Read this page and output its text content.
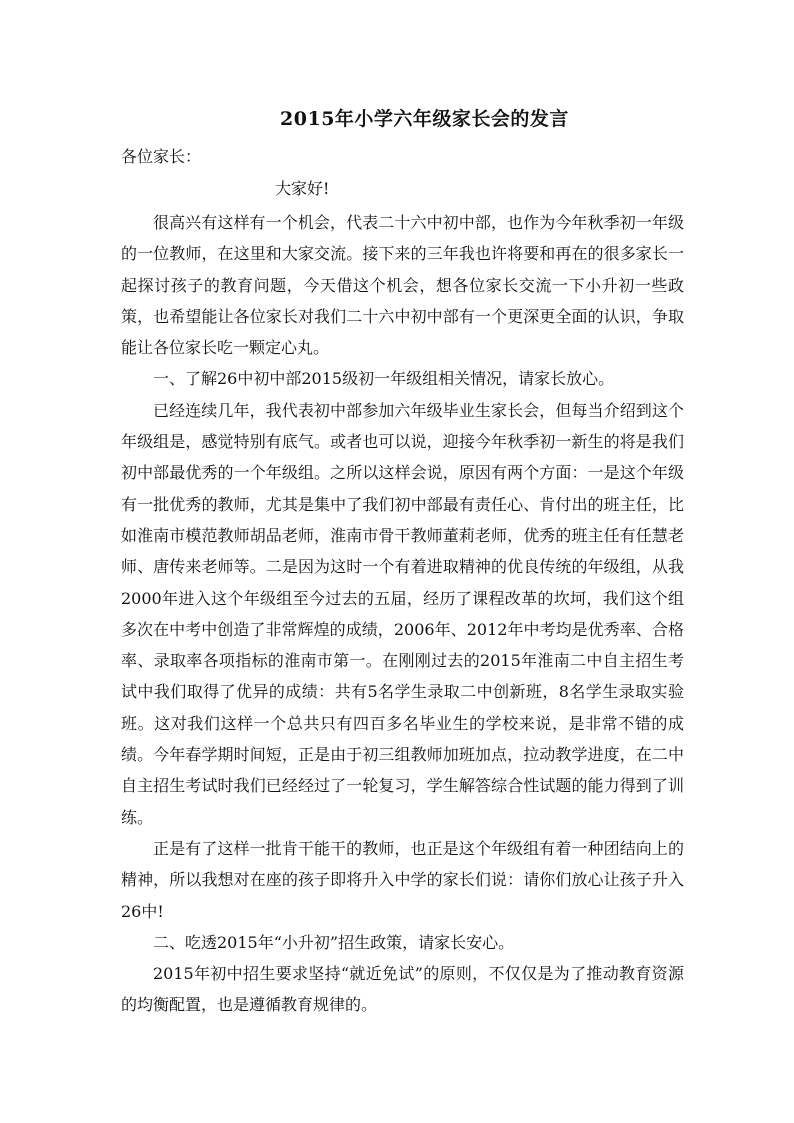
2015年小学六年级家长会的发言
各位家长：
大家好!

很高兴有这样有一个机会，代表二十六中初中部，也作为今年秋季初一年级的一位教师，在这里和大家交流。接下来的三年我也许将要和再在的很多家长一起探讨孩子的教育问题，今天借这个机会，想各位家长交流一下小升初一些政策，也希望能让各位家长对我们二十六中初中部有一个更深更全面的认识，争取能让各位家长吃一颗定心丸。

一、了解26中初中部2015级初一年级组相关情况，请家长放心。

已经连续几年，我代表初中部参加六年级毕业生家长会，但每当介绍到这个年级组是，感觉特别有底气。或者也可以说，迎接今年秋季初一新生的将是我们初中部最优秀的一个年级组。之所以这样会说，原因有两个方面：一是这个年级有一批优秀的教师，尤其是集中了我们初中部最有责任心、肯付出的班主任，比如淮南市模范教师胡品老师，淮南市骨干教师董莉老师，优秀的班主任有任慧老师、唐传来老师等。二是因为这时一个有着进取精神的优良传统的年级组，从我2000年进入这个年级组至今过去的五届，经历了课程改革的坎坷，我们这个组多次在中考中创造了非常辉煌的成绩，2006年、2012年中考均是优秀率、合格率、录取率各项指标的淮南市第一。在刚刚过去的2015年淮南二中自主招生考试中我们取得了优异的成绩：共有5名学生录取二中创新班，8名学生录取实验班。这对我们这样一个总共只有四百多名毕业生的学校来说，是非常不错的成绩。今年春学期时间短，正是由于初三组教师加班加点，拉动教学进度，在二中自主招生考试时我们已经经过了一轮复习，学生解答综合性试题的能力得到了训练。

正是有了这样一批肯干能干的教师，也正是这个年级组有着一种团结向上的精神，所以我想对在座的孩子即将升入中学的家长们说：请你们放心让孩子升入26中!

二、吃透2015年“小升初”招生政策，请家长安心。

2015年初中招生要求坚持“就近免试”的原则，不仅仅是为了推动教育资源的均衡配置，也是遵循教育规律的。
